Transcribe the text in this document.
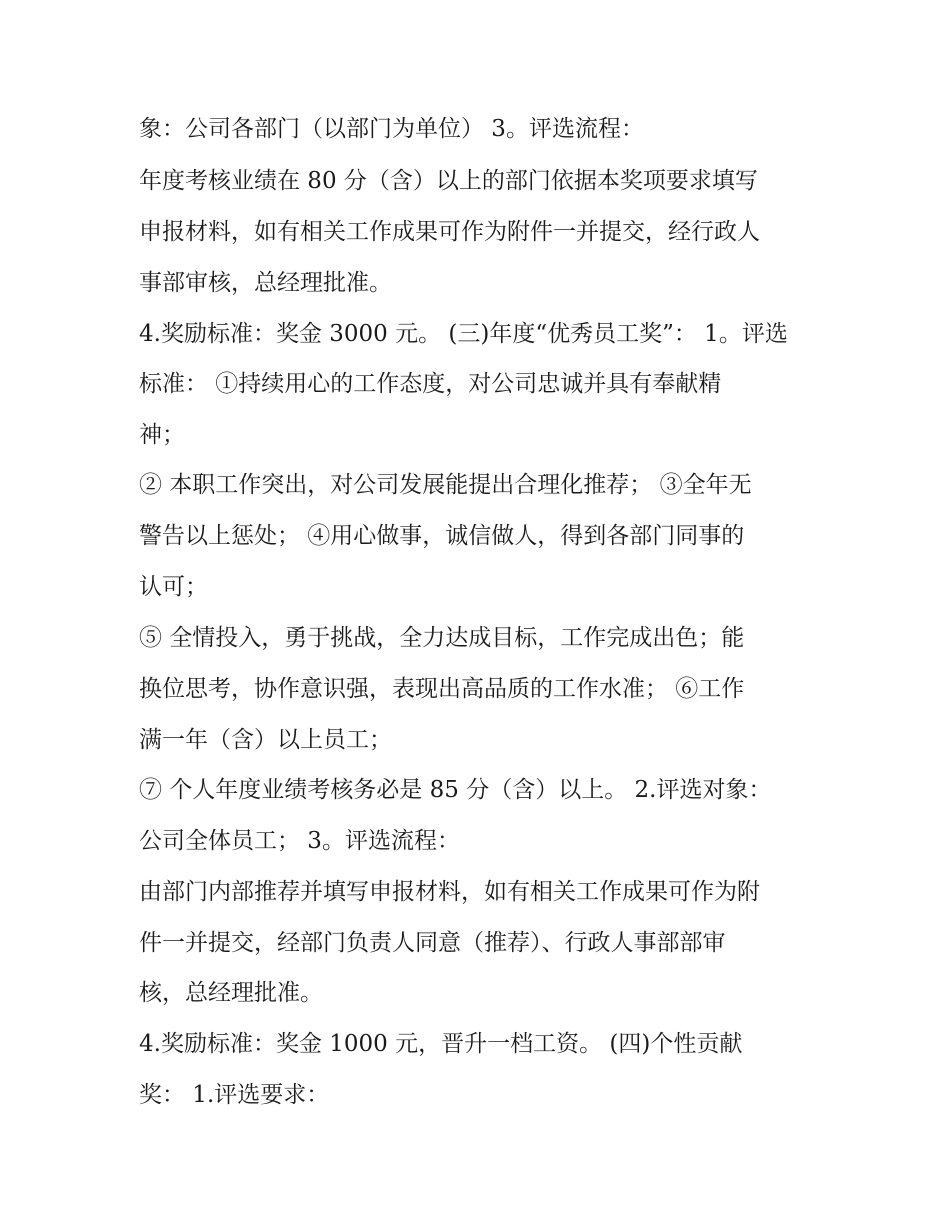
象：公司各部门（以部门为单位） 3。评选流程：
年度考核业绩在 80 分（含）以上的部门依据本奖项要求填写
申报材料，如有相关工作成果可作为附件一并提交，经行政人
事部审核，总经理批准。
4.奖励标准：奖金 3000 元。 (三)年度“优秀员工奖”： 1。评选
标准： ①持续用心的工作态度，对公司忠诚并具有奉献精
神；
② 本职工作突出，对公司发展能提出合理化推荐； ③全年无
警告以上惩处； ④用心做事，诚信做人，得到各部门同事的
认可；
⑤ 全情投入，勇于挑战，全力达成目标，工作完成出色；能
换位思考，协作意识强，表现出高品质的工作水准； ⑥工作
满一年（含）以上员工；
⑦ 个人年度业绩考核务必是 85 分（含）以上。 2.评选对象：
公司全体员工； 3。评选流程：
由部门内部推荐并填写申报材料，如有相关工作成果可作为附
件一并提交，经部门负责人同意（推荐）、行政人事部部审
核，总经理批准。
4.奖励标准：奖金 1000 元，晋升一档工资。 (四)个性贡献
奖： 1.评选要求：
